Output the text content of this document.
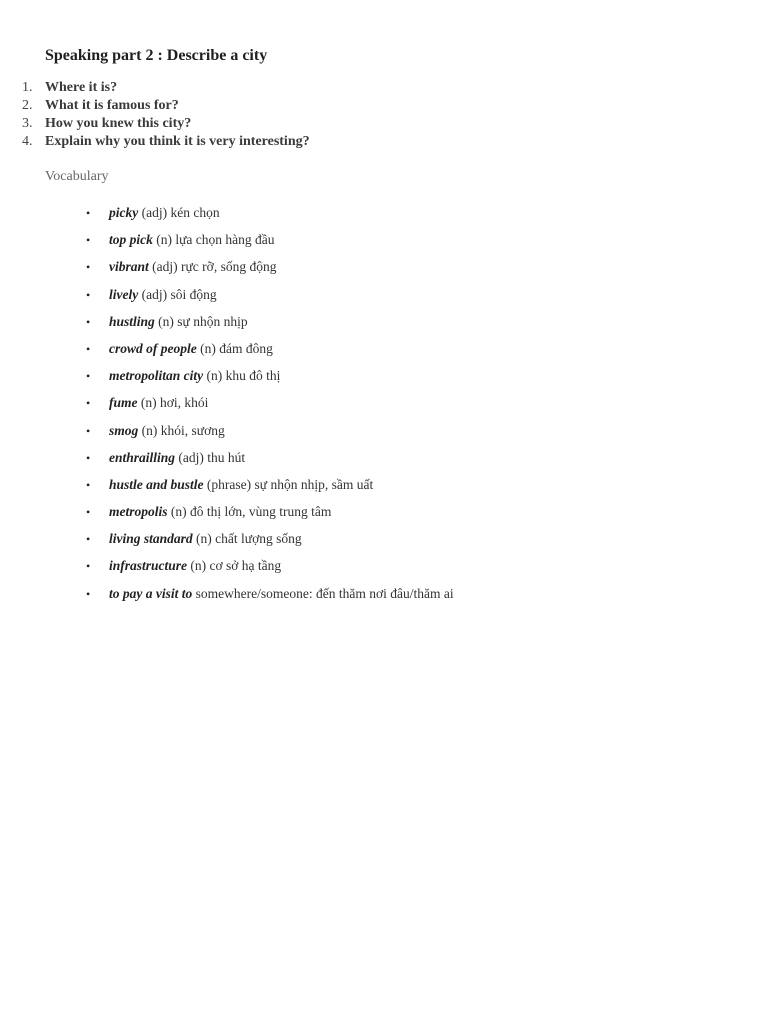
Speaking part 2 : Describe a city
1. Where it is?
2. What it is famous for?
3. How you knew this city?
4. Explain why you think it is very interesting?
Vocabulary
• picky (adj) kén chọn
• top pick (n) lựa chọn hàng đầu
• vibrant (adj) rực rỡ, sống động
• lively (adj) sôi động
• hustling (n) sự nhộn nhịp
• crowd of people (n) đám đông
• metropolitan city (n) khu đô thị
• fume (n) hơi, khói
• smog (n) khói, sương
• enthrailling (adj) thu hút
• hustle and bustle (phrase) sự nhộn nhịp, sầm uất
• metropolis (n) đô thị lớn, vùng trung tâm
• living standard (n) chất lượng sống
• infrastructure (n) cơ sở hạ tầng
• to pay a visit to somewhere/someone: đến thăm nơi đâu/thăm ai
